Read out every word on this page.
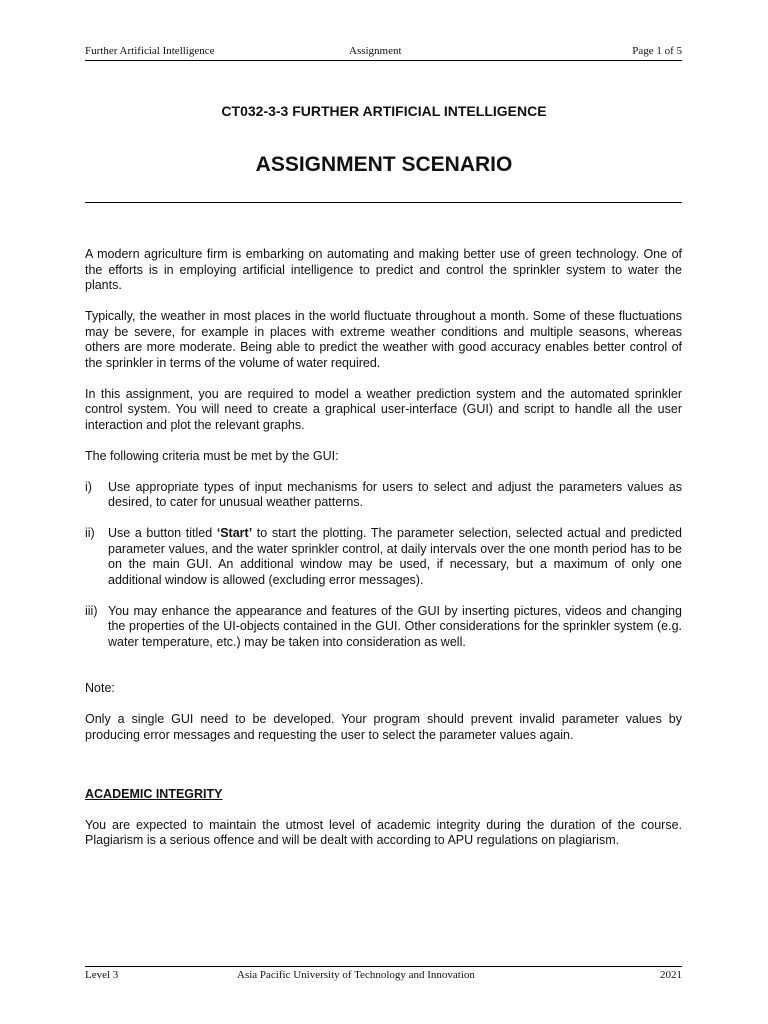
Further Artificial Intelligence	Assignment	Page 1 of 5
CT032-3-3 FURTHER ARTIFICIAL INTELLIGENCE
ASSIGNMENT SCENARIO

A modern agriculture firm is embarking on automating and making better use of green technology. One of the efforts is in employing artificial intelligence to predict and control the sprinkler system to water the plants.

Typically, the weather in most places in the world fluctuate throughout a month. Some of these fluctuations may be severe, for example in places with extreme weather conditions and multiple seasons, whereas others are more moderate. Being able to predict the weather with good accuracy enables better control of the sprinkler in terms of the volume of water required.

In this assignment, you are required to model a weather prediction system and the automated sprinkler control system. You will need to create a graphical user-interface (GUI) and script to handle all the user interaction and plot the relevant graphs.

The following criteria must be met by the GUI:

i) Use appropriate types of input mechanisms for users to select and adjust the parameters values as desired, to cater for unusual weather patterns.
ii) Use a button titled ‘Start’ to start the plotting. The parameter selection, selected actual and predicted parameter values, and the water sprinkler control, at daily intervals over the one month period has to be on the main GUI. An additional window may be used, if necessary, but a maximum of only one additional window is allowed (excluding error messages).
iii) You may enhance the appearance and features of the GUI by inserting pictures, videos and changing the properties of the UI-objects contained in the GUI. Other considerations for the sprinkler system (e.g. water temperature, etc.) may be taken into consideration as well.

Note:

Only a single GUI need to be developed. Your program should prevent invalid parameter values by producing error messages and requesting the user to select the parameter values again.

ACADEMIC INTEGRITY

You are expected to maintain the utmost level of academic integrity during the duration of the course. Plagiarism is a serious offence and will be dealt with according to APU regulations on plagiarism.

Level 3	Asia Pacific University of Technology and Innovation	2021
